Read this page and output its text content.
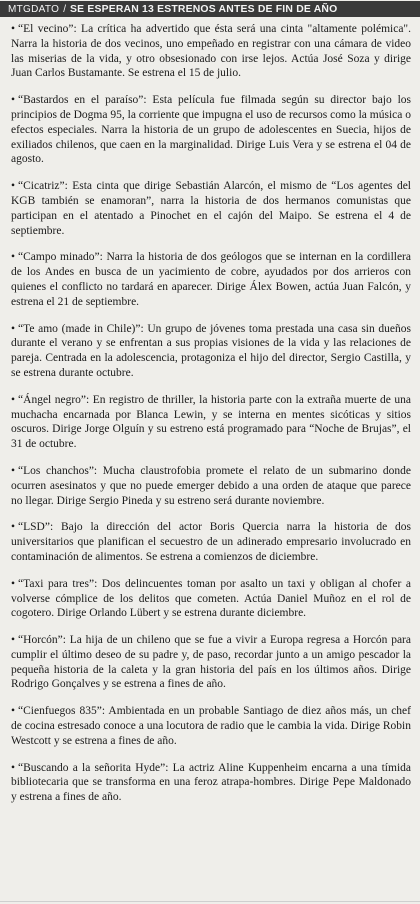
MTGDATO / SE ESPERAN 13 ESTRENOS ANTES DE FIN DE AÑO

• “El vecino”: La crítica ha advertido que ésta será una cinta "altamente polémica". Narra la historia de dos vecinos, uno empeñado en registrar con una cámara de video las miserias de la vida, y otro obsesionado con irse lejos. Actúa José Soza y dirige Juan Carlos Bustamante. Se estrena el 15 de julio.

• “Bastardos en el paraíso”: Esta película fue filmada según su director bajo los principios de Dogma 95, la corriente que impugna el uso de recursos como la música o efectos especiales. Narra la historia de un grupo de adolescentes en Suecia, hijos de exiliados chilenos, que caen en la marginalidad. Dirige Luis Vera y se estrena el 04 de agosto.

• “Cicatriz”: Esta cinta que dirige Sebastián Alarcón, el mismo de “Los agentes del KGB también se enamoran”, narra la historia de dos hermanos comunistas que participan en el atentado a Pinochet en el cajón del Maipo. Se estrena el 4 de septiembre.

• “Campo minado”: Narra la historia de dos geólogos que se internan en la cordillera de los Andes en busca de un yacimiento de cobre, ayudados por dos arrieros con quienes el conflicto no tardará en aparecer. Dirige Álex Bowen, actúa Juan Falcón, y estrena el 21 de septiembre.

• “Te amo (made in Chile)”: Un grupo de jóvenes toma prestada una casa sin dueños durante el verano y se enfrentan a sus propias visiones de la vida y las relaciones de pareja. Centrada en la adolescencia, protagoniza el hijo del director, Sergio Castilla, y se estrena durante octubre.

• “Ángel negro”: En registro de thriller, la historia parte con la extraña muerte de una muchacha encarnada por Blanca Lewin, y se interna en mentes sicóticas y sitios oscuros. Dirige Jorge Olguín y su estreno está programado para “Noche de Brujas”, el 31 de octubre.

• “Los chanchos”: Mucha claustrofobia promete el relato de un submarino donde ocurren asesinatos y que no puede emerger debido a una orden de ataque que parece no llegar. Dirige Sergio Pineda y su estreno será durante noviembre.

• “LSD”: Bajo la dirección del actor Boris Quercia narra la historia de dos universitarios que planifican el secuestro de un adinerado empresario involucrado en contaminación de alimentos. Se estrena a comienzos de diciembre.

• “Taxi para tres”: Dos delincuentes toman por asalto un taxi y obligan al chofer a volverse cómplice de los delitos que cometen. Actúa Daniel Muñoz en el rol de cogotero. Dirige Orlando Lübert y se estrena durante diciembre.

• “Horcón”: La hija de un chileno que se fue a vivir a Europa regresa a Horcón para cumplir el último deseo de su padre y, de paso, recordar junto a un amigo pescador la pequeña historia de la caleta y la gran historia del país en los últimos años. Dirige Rodrigo Gonçalves y se estrena a fines de año.

• “Cienfuegos 835”: Ambientada en un probable Santiago de diez años más, un chef de cocina estresado conoce a una locutora de radio que le cambia la vida. Dirige Robin Westcott y se estrena a fines de año.

• “Buscando a la señorita Hyde”: La actriz Aline Kuppenheim encarna a una tímida bibliotecaria que se transforma en una feroz atrapa-hombres. Dirige Pepe Maldonado y estrena a fines de año.
